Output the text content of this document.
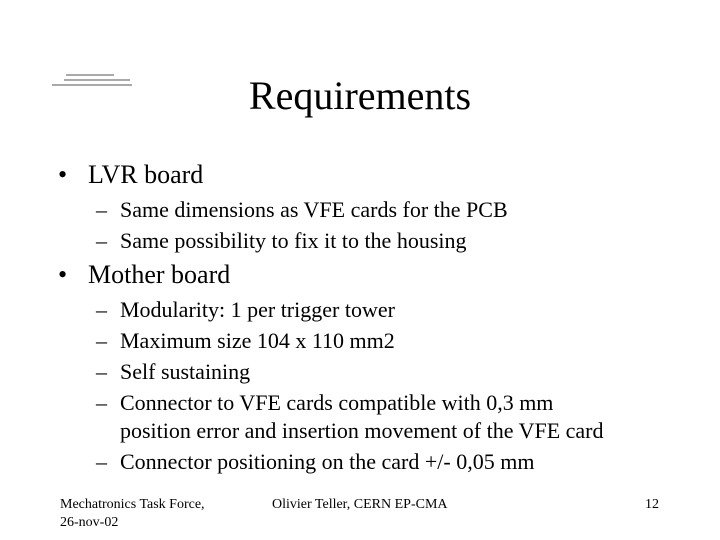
Requirements
• LVR board
– Same dimensions as VFE cards for the PCB
– Same possibility to fix it to the housing
• Mother board
– Modularity: 1 per trigger tower
– Maximum size 104 x 110 mm2
– Self sustaining
– Connector to VFE cards compatible with 0,3 mm
position error and insertion movement of the VFE card
– Connector positioning on the card +/- 0,05 mm
Mechatronics Task Force,
26-nov-02
Olivier Teller, CERN EP-CMA	12
